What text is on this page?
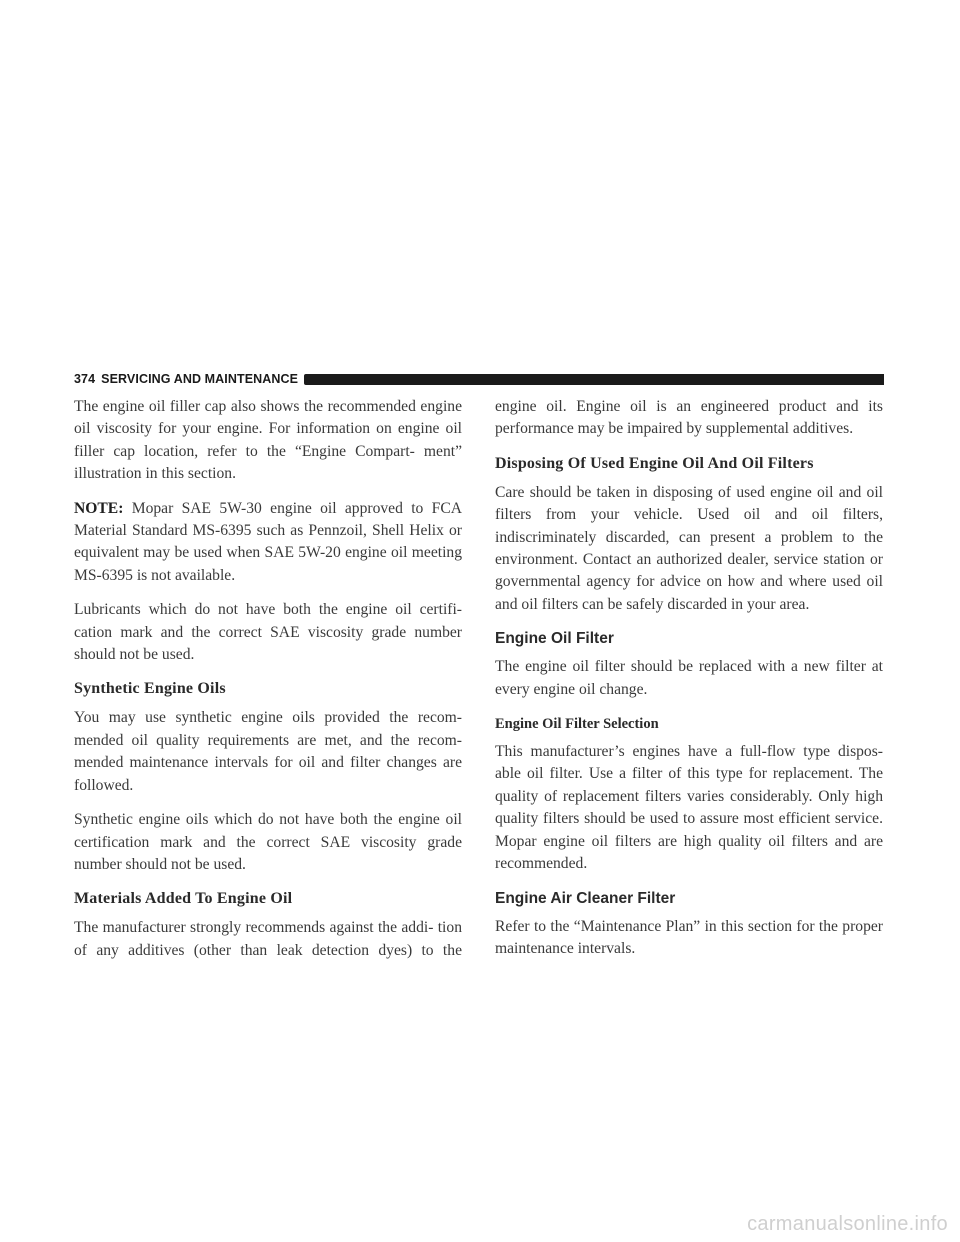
374 SERVICING AND MAINTENANCE

The engine oil filler cap also shows the recommended engine oil viscosity for your engine. For information on engine oil filler cap location, refer to the “Engine Compart- ment” illustration in this section.

NOTE: Mopar SAE 5W-30 engine oil approved to FCA Material Standard MS-6395 such as Pennzoil, Shell Helix or equivalent may be used when SAE 5W-20 engine oil meeting MS-6395 is not available.

Lubricants which do not have both the engine oil certifi- cation mark and the correct SAE viscosity grade number should not be used.

Synthetic Engine Oils

You may use synthetic engine oils provided the recom- mended oil quality requirements are met, and the recom- mended maintenance intervals for oil and filter changes are followed.

Synthetic engine oils which do not have both the engine oil certification mark and the correct SAE viscosity grade number should not be used.

Materials Added To Engine Oil

The manufacturer strongly recommends against the addi- tion of any additives (other than leak detection dyes) to the

engine oil. Engine oil is an engineered product and its performance may be impaired by supplemental additives.

Disposing Of Used Engine Oil And Oil Filters

Care should be taken in disposing of used engine oil and oil filters from your vehicle. Used oil and oil filters, indiscriminately discarded, can present a problem to the environment. Contact an authorized dealer, service station or governmental agency for advice on how and where used oil and oil filters can be safely discarded in your area.

Engine Oil Filter

The engine oil filter should be replaced with a new filter at every engine oil change.

Engine Oil Filter Selection

This manufacturer’s engines have a full-flow type dispos- able oil filter. Use a filter of this type for replacement. The quality of replacement filters varies considerably. Only high quality filters should be used to assure most efficient service. Mopar engine oil filters are high quality oil filters and are recommended.

Engine Air Cleaner Filter

Refer to the “Maintenance Plan” in this section for the proper maintenance intervals.

carmanualsonline.info
